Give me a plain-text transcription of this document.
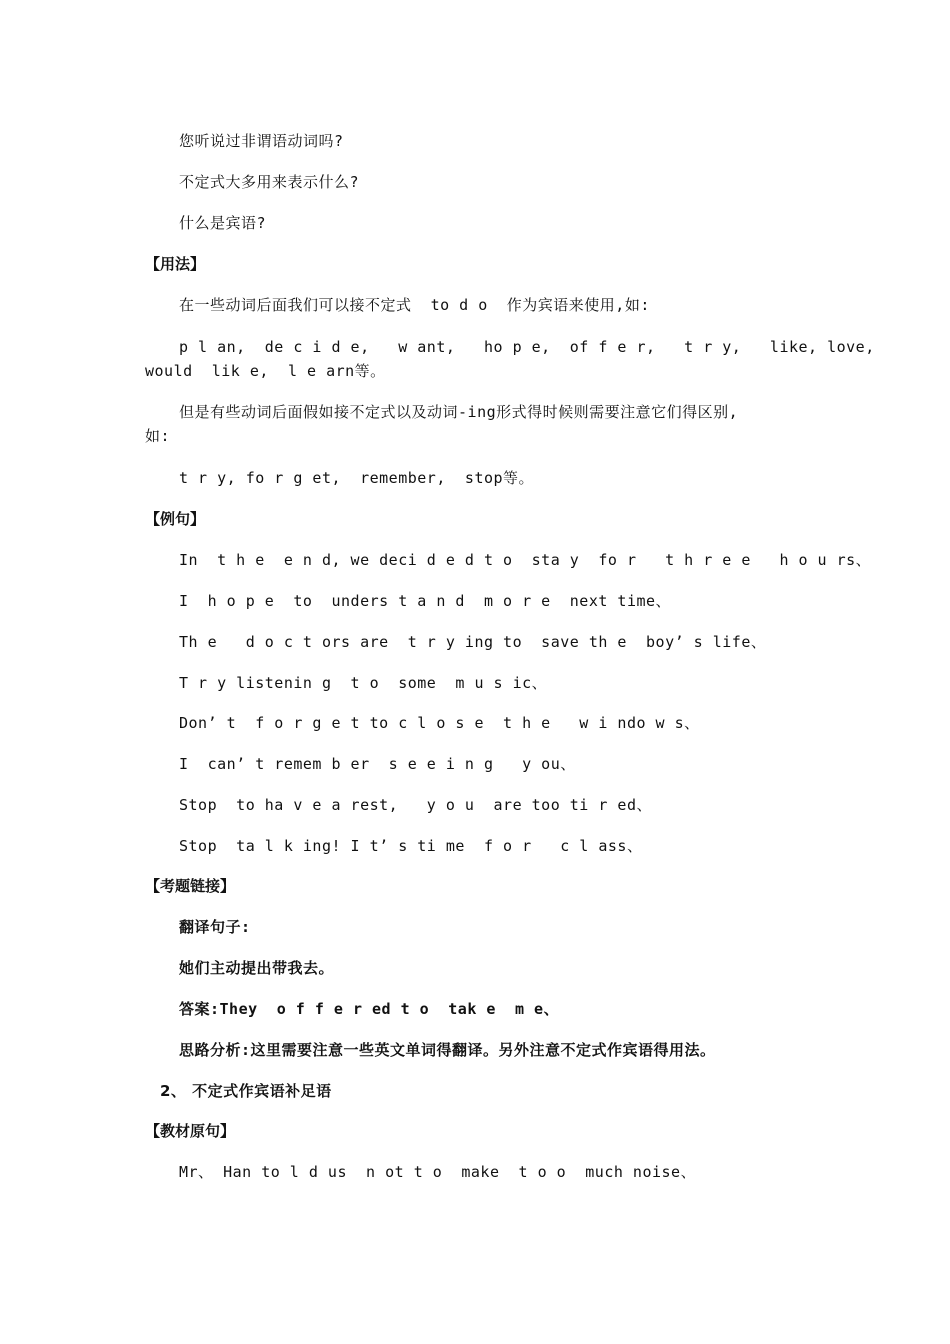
您听说过非谓语动词吗?
不定式大多用来表示什么?
什么是宾语?
【用法】
在一些动词后面我们可以接不定式  to d o  作为宾语来使用,如:
p l an,  de c i d e,   w ant,   ho p e,  of f e r,   t r y,   like, love,
would  lik e,  l e arn等。
但是有些动词后面假如接不定式以及动词-ing形式得时候则需要注意它们得区别,
如:
t r y, fo r g et,  remember,  stop等。
【例句】
In  t h e  e n d, we deci d e d t o  sta y  fo r   t h r e e   h o u rs、
I  h o p e  to  unders t a n d  m o r e  next time、
Th e   d o c t ors are  t r y ing to  save th e  boy’ s life、
T r y listenin g  t o  some  m u s ic、
Don’ t  f o r g e t to c l o s e  t h e   w i ndo w s、
I  can’ t remem b er  s e e i n g   y ou、
Stop  to ha v e a rest,   y o u  are too ti r ed、
Stop  ta l k ing! I t’ s ti me  f o r   c l ass、
【考题链接】
翻译句子:
她们主动提出带我去。
答案:They  o f f e r ed t o  tak e  m e、
思路分析:这里需要注意一些英文单词得翻译。另外注意不定式作宾语得用法。
2、 不定式作宾语补足语
【教材原句】
Mr、 Han to l d us  n ot t o  make  t o o  much noise、
